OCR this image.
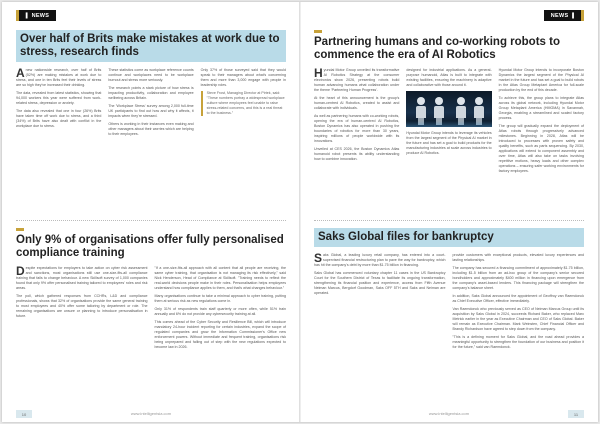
▌ NEWS
Over half of Brits make mistakes at work due to stress, research finds

Anew nationwide research, over half of Brits (52%) are making mistakes at work due to stress, and one in ten Brits feel their levels of stress are so high they've increased their drinking.

The data, revealed from latest statistics, showing that 94,000 workers this year were suffered from work-related stress, depression or anxiety.

The data also revealed that one in four (26%) Brits have taken time off work due to stress, and a third (34%) of Brits have also dealt with conflict in the workplace due to stress.

These statistics come as workplace reference counts continue and workplaces need to be workplace burnout and stress more seriously.

The research points a stark picture of how stress is impacting productivity, collaboration and employee wellbeing across Britain.

The 'Workplace Stress' survey among 2,000 full-time UK participants to find out how and why it affects, it impacts when they're stressed.

Others is working in their instances even making and other managers about their worries which are helping to their employees.

Only 37% of those surveyed said that they would speak to their managers about what's concerning them and more than 3,000 engage with people in leadership roles.

Steve Frost, Managing Director at Pirtek, said: "These numbers portray a widespread workplace culture where employees feel unable to raise stress-related concerns, and this is a real threat to the business."
Only 9% of organisations offer fully personalised compliance training

Despite expectations for employers to take action on cyber risk assessment and sanctions, most organisations still use one-size-fits-all compliance training that fails to change behaviour. A new Skillsoft survey of 1,000 companies found that only 9% offer personalised training tailored to employees' roles and risk areas.

The poll, which gathered responses from CCHRs, L&D and compliance professionals, shows that 32% of organisations provide the same general training to most employees and 40% offer some tailoring by department or role. The remaining organisations are unsure or planning to introduce personalisation in future.

"If a one-size-fits-all approach with all content that all people are receiving, the same cyber training, that organisation is not managing its risk effectively," said Nick Henderson, Head of Compliance at Skillsoft. "Training needs to reflect the real-world decisions people make in their roles. Personalisation helps employees understand how compliance applies to them, and that's what changes behaviour."

Many organisations continue to take a minimal approach to cyber training, putting them at serious risk as new regulations come in.

Only 31% of respondents train staff quarterly or more often, while 51% train annually and 6% do not provide any cybersecurity training at all.

This comes ahead of the Cyber Security and Resilience Bill, which will introduce mandatory 24-hour incident reporting for certain industries, expand the scope of regulated companies and grow the Information Commissioner's Office new enforcement powers. Without immediate and frequent training, organisations risk being unprepared and falling out of step with the new regulations expected to become law in 2026.

10	www.intelligentsia.com
NEWS ▐
Partnering humans and co-working robots to commence the era of AI Robotics

Hyundai Motor Group unveiled its transformative AI Robotics Strategy at the consumer electronics show 2026, presenting robots build human advancing humans what collaboration under the theme 'Partnering Human Progress'.

At the heart of this announcement is the group's human-centred AI Robotics, created to assist and collaborate with individuals.

As well as partnering humans with co-working robots, opening the era of human-centred AI Robotics, Boston Dynamics has also operated in pushing the boundaries of robotics for more than 30 years, inspiring millions of people worldwide with its innovations.

Unveiled at CES 2026, the Boston Dynamics Atlas humanoid robot presents its ability understanding how to combine innovation.

designed for industrial applications. As a general-purpose humanoid, Atlas is built to integrate with existing facilities, ensuring the machinery is adaptive and collaborative with those around it.

Hyundai Motor Group intends to leverage its vehicles from the largest segment of the Physical AI market in the future and has set a goal to build products for the manufacturing industries at scale across industries to produce AI Robotics.

Hyundai Motor Group intends to incorporate Boston Dynamics the largest segment of the Physical AI market in the future and has set a goal to build robots in the Atlas Group Metaplant America for full-scale production by the end of this decade.

To achieve this, the group plans to integrate Atlas across its global network, including Hyundai Motor Group Metaplant America (HMGMA) in Savannah, Georgia, enabling a streamlined and scaled factory process.

The group will gradually expand the deployment of Atlas robots through progressively advanced milestones. Beginning in 2028, Atlas will be introduced to processes with proven safety and quality benefits, such as parts sequencing. By 2030, applications will extend to component assembly and over time, Atlas will also take on tasks involving repetitive motions, heavy loads and other complex operations – ensuring safer working environments for factory employees.

Saks Global files for bankruptcy

Saks Global, a leading luxury retail company, has entered into a court-supervised financial restructuring plan to pave the way for bankruptcy, which has hit the company's debt by more than $1.75 billion in financing.

Saks Global has commenced voluntary chapter 11 cases in the US Bankruptcy Court for the Southern District of Texas to facilitate its ongoing transformation, strengthening its financial position and experience, access from Fifth Avenue Neiman Marcus, Bergdorf Goodman, Saks OFF 5TH and Saks and Neiman are operated.

provide customers with exceptional products, elevated luxury experiences and lasting relationships.

The company has secured a financing commitment of approximately $1.75 billion, including $1.5 billion from an ad-hoc group of the company's senior secured bondholders and approximately $400 million in financing upon emergence from the company's asset-based lenders. This financing package will strengthen the company's balance sheet.

In addition, Saks Global announced the appointment of Geoffroy van Raemdonck as Chief Executive Officer, effective immediately.

Van Raemdonck who previously served as CEO of Neiman Marcus Group until its acquisition by Saks Global in 2024, succeeds Richard Baker, who replaced Marc Metrick earlier in the year as Executive Chairman and CEO of Saks Global. Baker will remain as Executive Chairman. Mark Weinsten, Chief Financial Officer and Brandy Richardson have agreed to step down from the company.

"This is a defining moment for Saks Global, and the road ahead provides a meaningful opportunity to strengthen the foundation of our business and position it for the future," said van Raemdonck.

www.intelligentsia.com	11
